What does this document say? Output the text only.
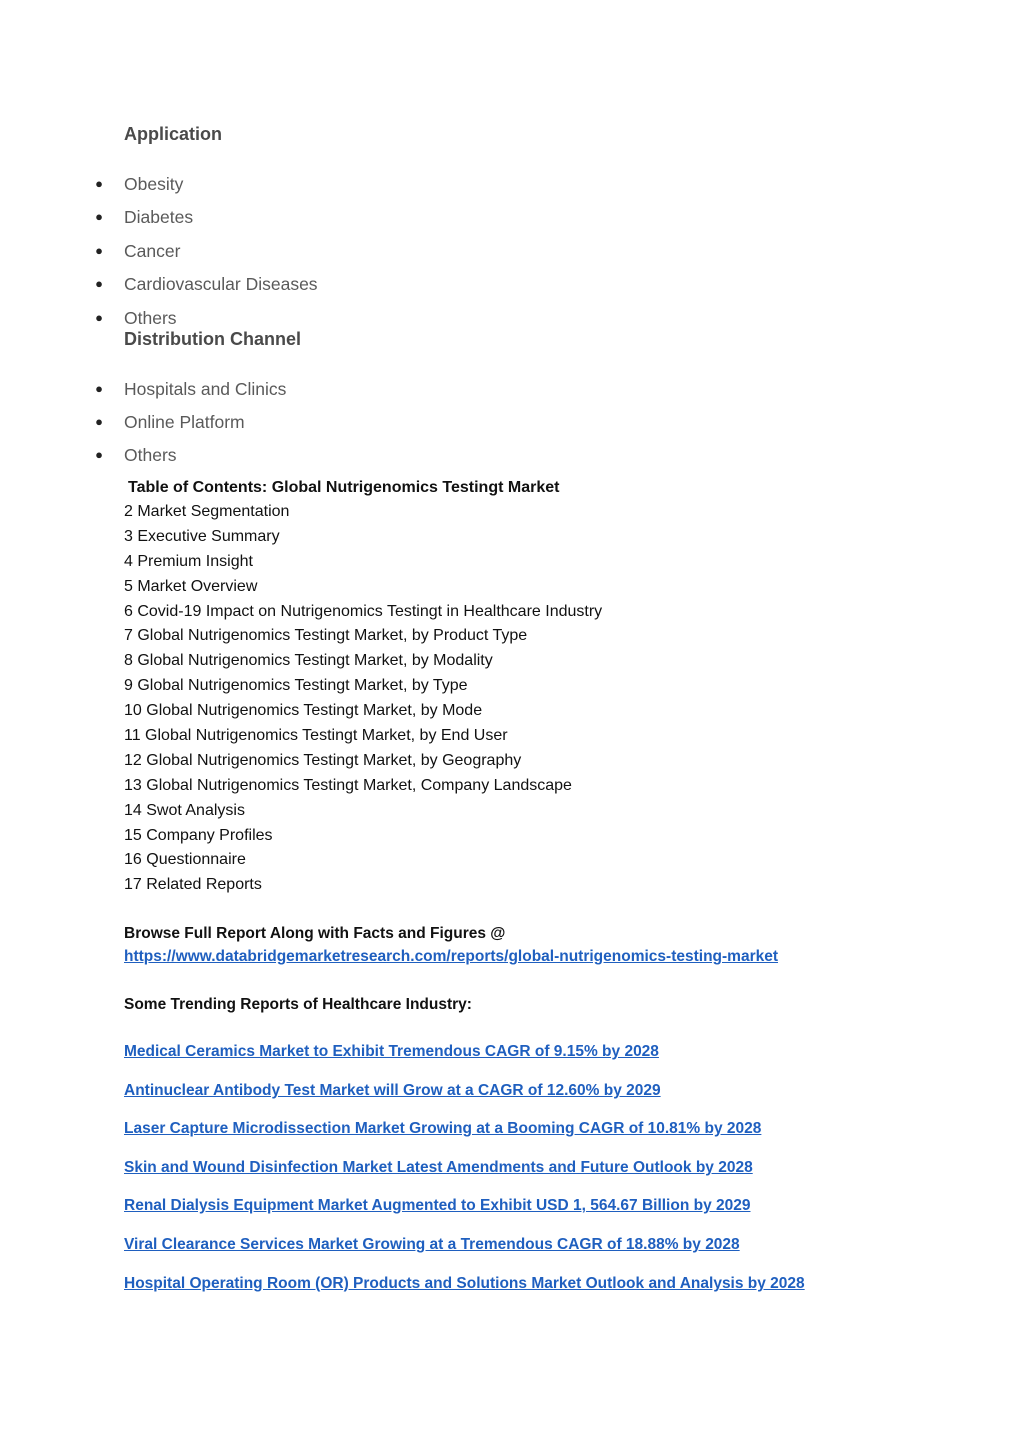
Application
● Obesity
● Diabetes
● Cancer
● Cardiovascular Diseases
● Others
Distribution Channel
● Hospitals and Clinics
● Online Platform
● Others
Table of Contents: Global Nutrigenomics Testingt Market
2 Market Segmentation
3 Executive Summary
4 Premium Insight
5 Market Overview
6 Covid-19 Impact on Nutrigenomics Testingt in Healthcare Industry
7 Global Nutrigenomics Testingt Market, by Product Type
8 Global Nutrigenomics Testingt Market, by Modality
9 Global Nutrigenomics Testingt Market, by Type
10 Global Nutrigenomics Testingt Market, by Mode
11 Global Nutrigenomics Testingt Market, by End User
12 Global Nutrigenomics Testingt Market, by Geography
13 Global Nutrigenomics Testingt Market, Company Landscape
14 Swot Analysis
15 Company Profiles
16 Questionnaire
17 Related Reports
Browse Full Report Along with Facts and Figures @
https://www.databridgemarketresearch.com/reports/global-nutrigenomics-testing-market
Some Trending Reports of Healthcare Industry:
Medical Ceramics Market to Exhibit Tremendous CAGR of 9.15% by 2028
Antinuclear Antibody Test Market will Grow at a CAGR of 12.60% by 2029
Laser Capture Microdissection Market Growing at a Booming CAGR of 10.81% by 2028
Skin and Wound Disinfection Market Latest Amendments and Future Outlook by 2028
Renal Dialysis Equipment Market Augmented to Exhibit USD 1, 564.67 Billion by 2029
Viral Clearance Services Market Growing at a Tremendous CAGR of 18.88% by 2028
Hospital Operating Room (OR) Products and Solutions Market Outlook and Analysis by 2028
